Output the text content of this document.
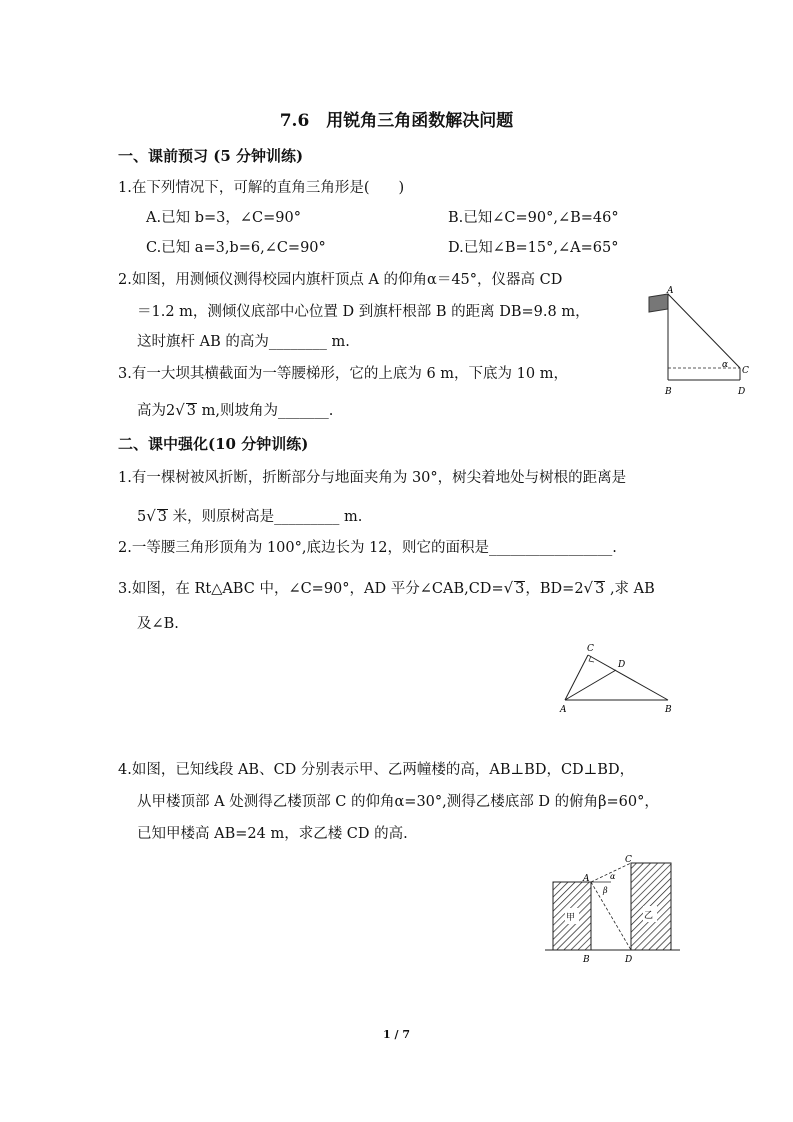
7.6　用锐角三角函数解决问题
一、课前预习 (5 分钟训练)
1.在下列情况下，可解的直角三角形是(　　)
A.已知 b=3，∠C=90°	B.已知∠C=90°,∠B=46°
C.已知 a=3,b=6,∠C=90°	D.已知∠B=15°,∠A=65°
2.如图，用测倾仪测得校园内旗杆顶点 A 的仰角α＝45°，仪器高 CD
＝1.2 m，测倾仪底部中心位置 D 到旗杆根部 B 的距离 DB=9.8 m，
这时旗杆 AB 的高为________ m.
3.有一大坝其横截面为一等腰梯形，它的上底为 6 m，下底为 10 m，
高为2√ 3 m,则坡角为_______.
A
B
C
D
α
二、课中强化(10 分钟训练)
1.有一棵树被风折断，折断部分与地面夹角为 30°，树尖着地处与树根的距离是
5√ 3 米，则原树高是_________ m.
2.一等腰三角形顶角为 100°,底边长为 12，则它的面积是_________________.
3.如图，在 Rt△ABC 中，∠C=90°，AD 平分∠CAB,CD=√ 3，BD=2√ 3 ,求 AB
及∠B.
C
D
A	B
4.如图，已知线段 AB、CD 分别表示甲、乙两幢楼的高，AB⊥BD，CD⊥BD，
从甲楼顶部 A 处测得乙楼顶部 C 的仰角α=30°,测得乙楼底部 D 的俯角β=60°，
已知甲楼高 AB=24 m，求乙楼 CD 的高.
C
A	α
β
甲	乙
B	D
1 / 7
